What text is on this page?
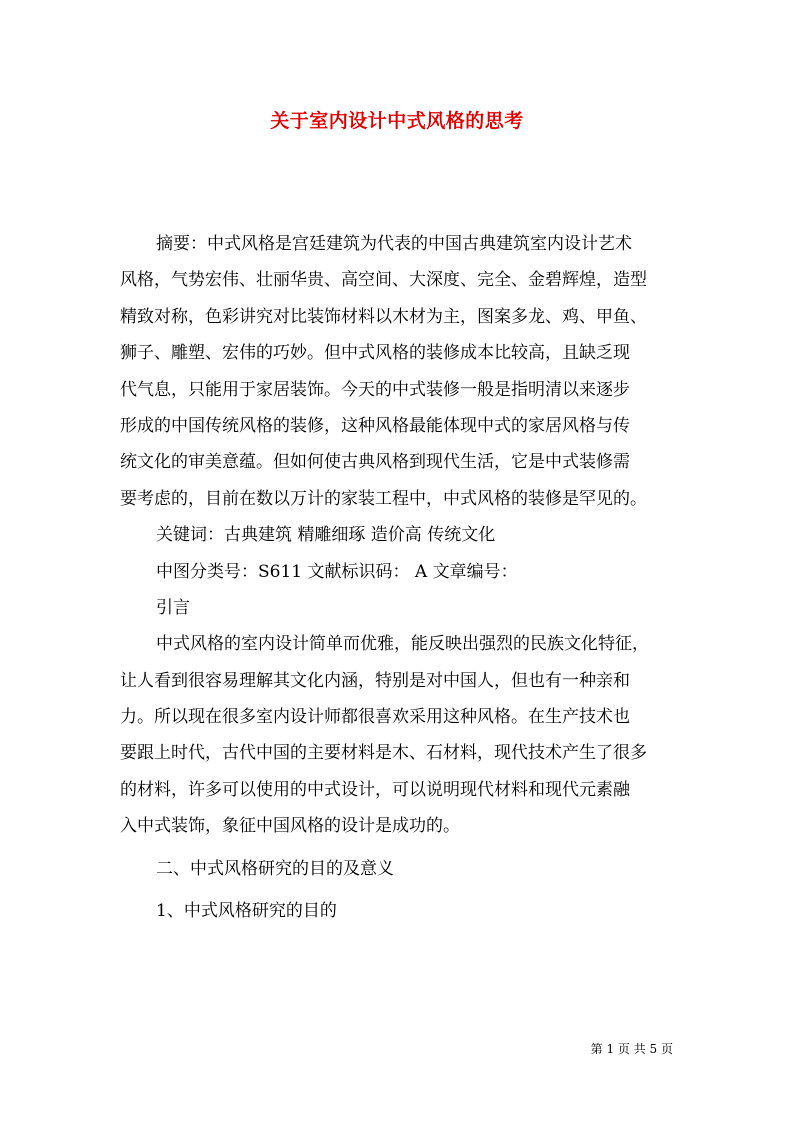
关于室内设计中式风格的思考
摘要：中式风格是宫廷建筑为代表的中国古典建筑室内设计艺术
风格，气势宏伟、壮丽华贵、高空间、大深度、完全、金碧辉煌，造型
精致对称，色彩讲究对比装饰材料以木材为主，图案多龙、鸡、甲鱼、
狮子、雕塑、宏伟的巧妙。但中式风格的装修成本比较高，且缺乏现
代气息，只能用于家居装饰。今天的中式装修一般是指明清以来逐步
形成的中国传统风格的装修，这种风格最能体现中式的家居风格与传
统文化的审美意蕴。但如何使古典风格到现代生活，它是中式装修需
要考虑的，目前在数以万计的家装工程中，中式风格的装修是罕见的。
关键词：古典建筑 精雕细琢 造价高 传统文化
中图分类号：S611 文献标识码： A 文章编号：
引言
中式风格的室内设计简单而优雅，能反映出强烈的民族文化特征，
让人看到很容易理解其文化内涵，特别是对中国人，但也有一种亲和
力。所以现在很多室内设计师都很喜欢采用这种风格。在生产技术也
要跟上时代，古代中国的主要材料是木、石材料，现代技术产生了很多
的材料，许多可以使用的中式设计，可以说明现代材料和现代元素融
入中式装饰，象征中国风格的设计是成功的。
二、中式风格研究的目的及意义
1、中式风格研究的目的
第 1 页 共 5 页
